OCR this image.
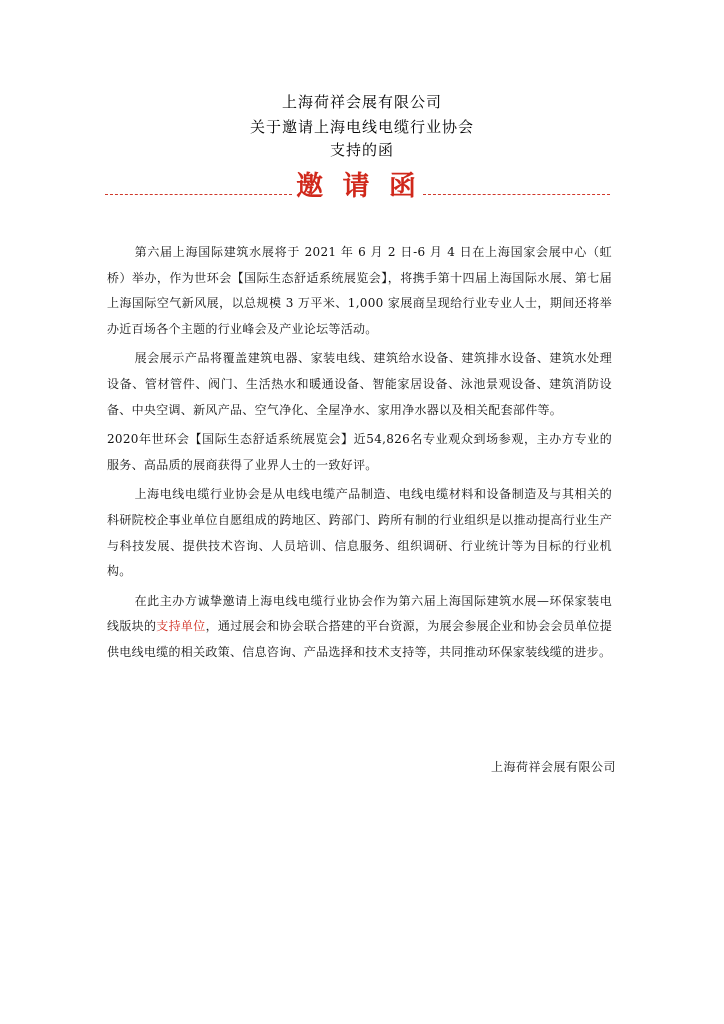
上海荷祥会展有限公司
关于邀请上海电线电缆行业协会
支持的函
邀 请 函

第六届上海国际建筑水展将于 2021 年 6 月 2 日-6 月 4 日在上海国家会展中心（虹桥）举办，作为世环会【国际生态舒适系统展览会】，将携手第十四届上海国际水展、第七届上海国际空气新风展，以总规模 3 万平米、1,000 家展商呈现给行业专业人士，期间还将举办近百场各个主题的行业峰会及产业论坛等活动。

展会展示产品将覆盖建筑电器、家装电线、建筑给水设备、建筑排水设备、建筑水处理设备、管材管件、阀门、生活热水和暖通设备、智能家居设备、泳池景观设备、建筑消防设备、中央空调、新风产品、空气净化、全屋净水、家用净水器以及相关配套部件等。

2020年世环会【国际生态舒适系统展览会】近54,826名专业观众到场参观，主办方专业的服务、高品质的展商获得了业界人士的一致好评。

上海电线电缆行业协会是从电线电缆产品制造、电线电缆材料和设备制造及与其相关的科研院校企事业单位自愿组成的跨地区、跨部门、跨所有制的行业组织是以推动提高行业生产与科技发展、提供技术咨询、人员培训、信息服务、组织调研、行业统计等为目标的行业机构。

在此主办方诚挚邀请上海电线电缆行业协会作为第六届上海国际建筑水展—环保家装电线版块的支持单位，通过展会和协会联合搭建的平台资源，为展会参展企业和协会会员单位提供电线电缆的相关政策、信息咨询、产品选择和技术支持等，共同推动环保家装线缆的进步。

上海荷祥会展有限公司
